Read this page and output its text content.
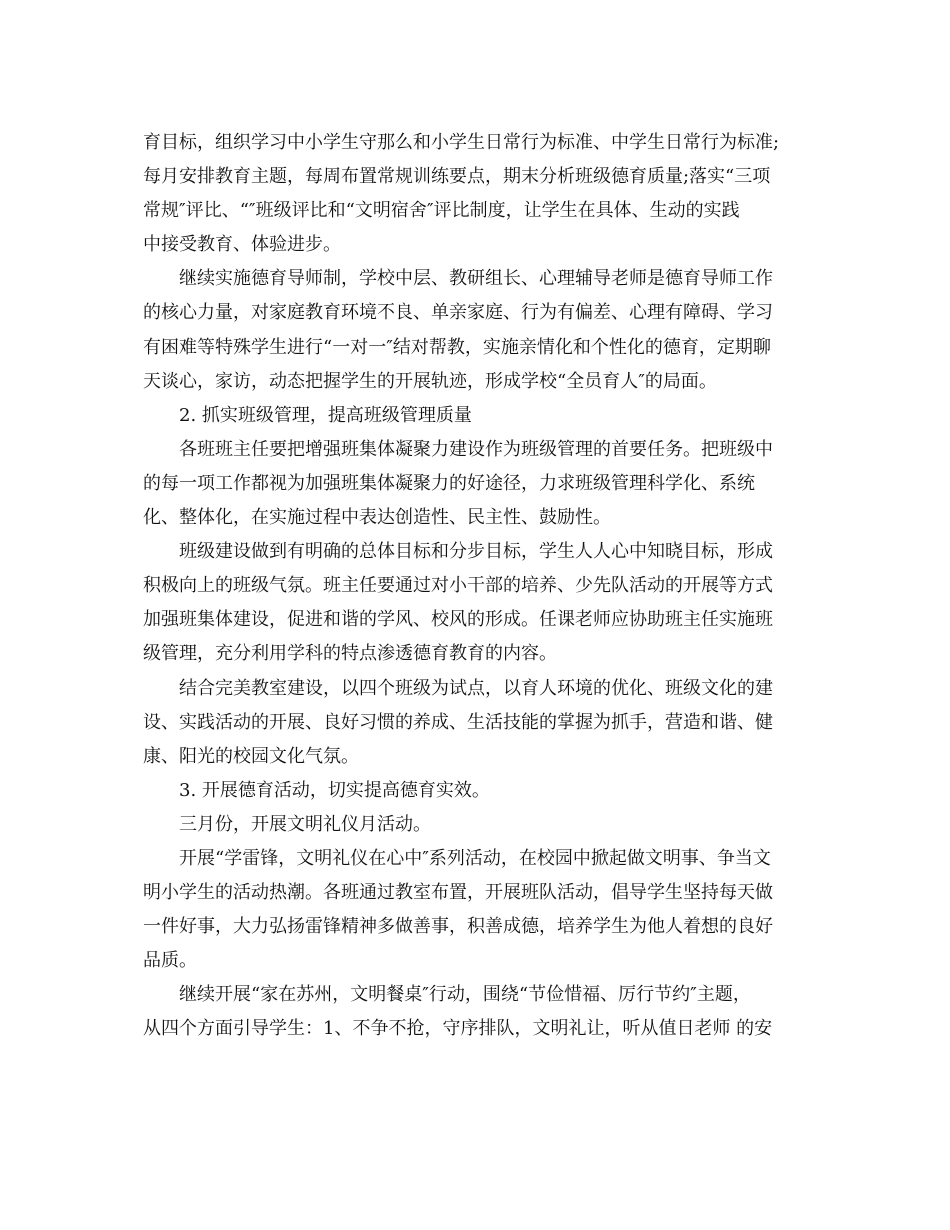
育目标，组织学习中小学生守那么和小学生日常行为标准、中学生日常行为标准;
每月安排教育主题，每周布置常规训练要点，期末分析班级德育质量;落实“三项
常规″评比、“″班级评比和“文明宿舍″评比制度，让学生在具体、生动的实践
中接受教育、体验进步。
继续实施德育导师制，学校中层、教研组长、心理辅导老师是德育导师工作
的核心力量，对家庭教育环境不良、单亲家庭、行为有偏差、心理有障碍、学习
有困难等特殊学生进行“一对一″结对帮教，实施亲情化和个性化的德育，定期聊
天谈心，家访，动态把握学生的开展轨迹，形成学校“全员育人″的局面。
2. 抓实班级管理，提高班级管理质量
各班班主任要把增强班集体凝聚力建设作为班级管理的首要任务。把班级中
的每一项工作都视为加强班集体凝聚力的好途径，力求班级管理科学化、系统
化、整体化，在实施过程中表达创造性、民主性、鼓励性。
班级建设做到有明确的总体目标和分步目标，学生人人心中知晓目标，形成
积极向上的班级气氛。班主任要通过对小干部的培养、少先队活动的开展等方式
加强班集体建设，促进和谐的学风、校风的形成。任课老师应协助班主任实施班
级管理，充分利用学科的特点渗透德育教育的内容。
结合完美教室建设，以四个班级为试点，以育人环境的优化、班级文化的建
设、实践活动的开展、良好习惯的养成、生活技能的掌握为抓手，营造和谐、健
康、阳光的校园文化气氛。
3. 开展德育活动，切实提高德育实效。
三月份，开展文明礼仪月活动。
开展“学雷锋，文明礼仪在心中″系列活动，在校园中掀起做文明事、争当文
明小学生的活动热潮。各班通过教室布置，开展班队活动，倡导学生坚持每天做
一件好事，大力弘扬雷锋精神多做善事，积善成德，培养学生为他人着想的良好
品质。
继续开展“家在苏州，文明餐桌″行动，围绕“节俭惜福、厉行节约″主题，
从四个方面引导学生：1、不争不抢，守序排队，文明礼让，听从值日老师 的安
